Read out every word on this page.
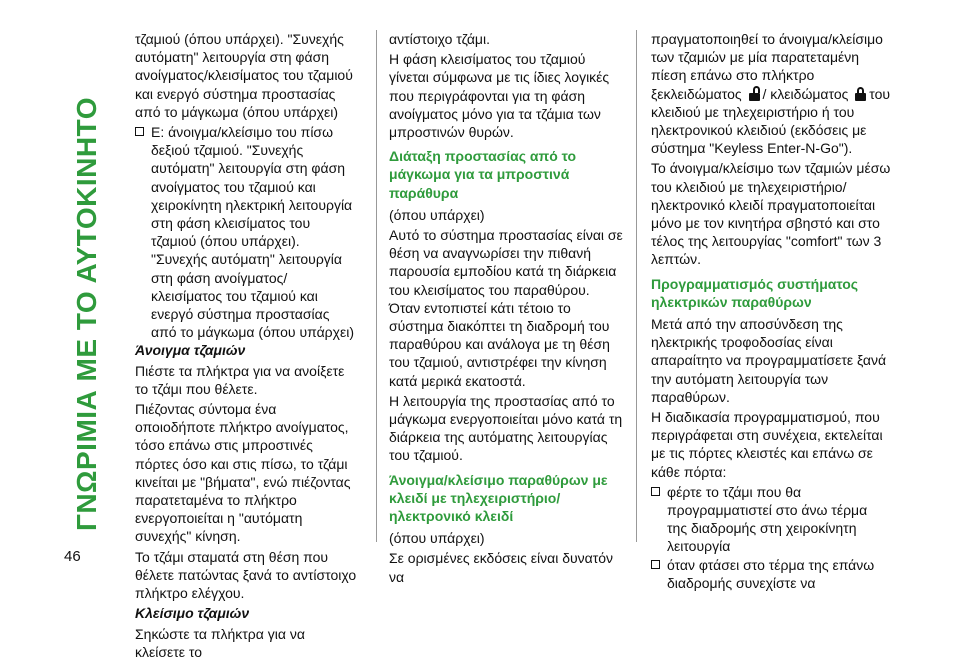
ΓΝΩΡΙΜΙΑ ΜΕ ΤΟ ΑΥΤΟΚΙΝΗΤΟ
46

τζαμιού (όπου υπάρχει). "Συνεχής αυτόματη" λειτουργία στη φάση ανοίγματος/κλεισίματος του τζαμιού και ενεργό σύστημα προστασίας από το μάγκωμα (όπου υπάρχει)

E: άνοιγμα/κλείσιμο του πίσω δεξιού τζαμιού. "Συνεχής αυτόματη" λειτουργία στη φάση ανοίγματος του τζαμιού και χειροκίνητη ηλεκτρική λειτουργία στη φάση κλεισίματος του τζαμιού (όπου υπάρχει). "Συνεχής αυτόματη" λειτουργία στη φάση ανοίγματος/κλεισίματος του τζαμιού και ενεργό σύστημα προστασίας από το μάγκωμα (όπου υπάρχει)

Άνοιγμα τζαμιών

Πιέστε τα πλήκτρα για να ανοίξετε το τζάμι που θέλετε.

Πιέζοντας σύντομα ένα οποιοδήποτε πλήκτρο ανοίγματος, τόσο επάνω στις μπροστινές πόρτες όσο και στις πίσω, το τζάμι κινείται με "βήματα", ενώ πιέζοντας παρατεταμένα το πλήκτρο ενεργοποιείται η "αυτόματη συνεχής" κίνηση.

Το τζάμι σταματά στη θέση που θέλετε πατώντας ξανά το αντίστοιχο πλήκτρο ελέγχου.

Κλείσιμο τζαμιών

Σηκώστε τα πλήκτρα για να κλείσετε το

αντίστοιχο τζάμι.

Η φάση κλεισίματος του τζαμιού γίνεται σύμφωνα με τις ίδιες λογικές που περιγράφονται για τη φάση ανοίγματος μόνο για τα τζάμια των μπροστινών θυρών.

Διάταξη προστασίας από το μάγκωμα για τα μπροστινά παράθυρα

(όπου υπάρχει)

Αυτό το σύστημα προστασίας είναι σε θέση να αναγνωρίσει την πιθανή παρουσία εμποδίου κατά τη διάρκεια του κλεισίματος του παραθύρου. Όταν εντοπιστεί κάτι τέτοιο το σύστημα διακόπτει τη διαδρομή του παραθύρου και ανάλογα με τη θέση του τζαμιού, αντιστρέφει την κίνηση κατά μερικά εκατοστά.

Η λειτουργία της προστασίας από το μάγκωμα ενεργοποιείται μόνο κατά τη διάρκεια της αυτόματης λειτουργίας του τζαμιού.

Άνοιγμα/κλείσιμο παραθύρων με κλειδί με τηλεχειριστήριο/ηλεκτρονικό κλειδί

(όπου υπάρχει)

Σε ορισμένες εκδόσεις είναι δυνατόν να

πραγματοποιηθεί το άνοιγμα/κλείσιμο των τζαμιών με μία παρατεταμένη πίεση επάνω στο πλήκτρο ξεκλειδώματος / κλειδώματος του κλειδιού με τηλεχειριστήριο ή του ηλεκτρονικού κλειδιού (εκδόσεις με σύστημα "Keyless Enter-N-Go").

Το άνοιγμα/κλείσιμο των τζαμιών μέσω του κλειδιού με τηλεχειριστήριο/ηλεκτρονικό κλειδί πραγματοποιείται μόνο με τον κινητήρα σβηστό και στο τέλος της λειτουργίας "comfort" των 3 λεπτών.

Προγραμματισμός συστήματος ηλεκτρικών παραθύρων

Μετά από την αποσύνδεση της ηλεκτρικής τροφοδοσίας είναι απαραίτητο να προγραμματίσετε ξανά την αυτόματη λειτουργία των παραθύρων.

Η διαδικασία προγραμματισμού, που περιγράφεται στη συνέχεια, εκτελείται με τις πόρτες κλειστές και επάνω σε κάθε πόρτα:

φέρτε το τζάμι που θα προγραμματιστεί στο άνω τέρμα της διαδρομής στη χειροκίνητη λειτουργία

όταν φτάσει στο τέρμα της επάνω διαδρομής συνεχίστε να
